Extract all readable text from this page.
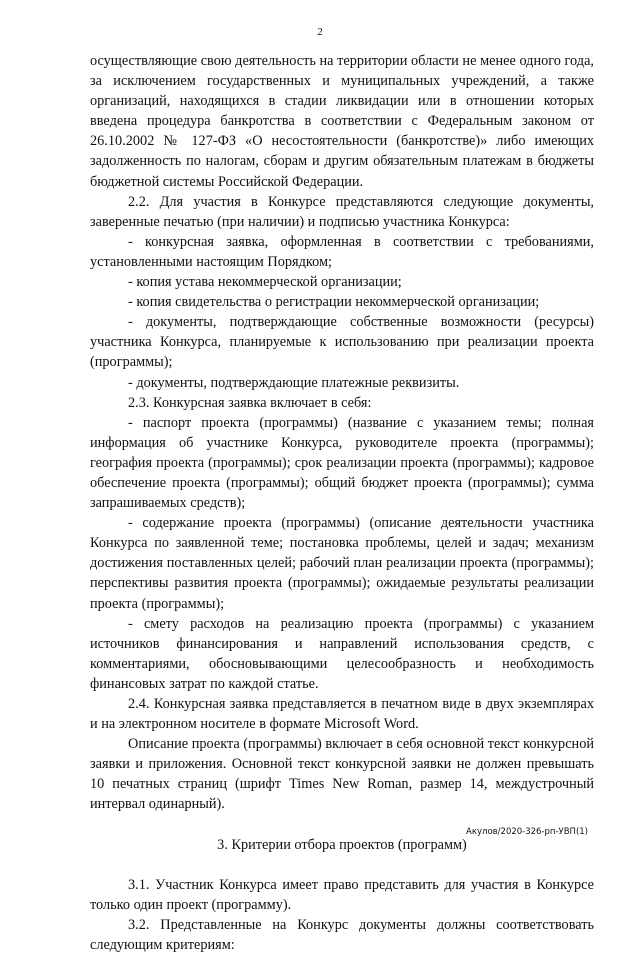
2

осуществляющие свою деятельность на территории области не менее одного года, за исключением государственных и муниципальных учреждений, а также организаций, находящихся в стадии ликвидации или в отношении которых введена процедура банкротства в соответствии с Федеральным законом от 26.10.2002 № 127-ФЗ «О несостоятельности (банкротстве)» либо имеющих задолженность по налогам, сборам и другим обязательным платежам в бюджеты бюджетной системы Российской Федерации.

2.2. Для участия в Конкурсе представляются следующие документы, заверенные печатью (при наличии) и подписью участника Конкурса:

- конкурсная заявка, оформленная в соответствии с требованиями, установленными настоящим Порядком;

- копия устава некоммерческой организации;

- копия свидетельства о регистрации некоммерческой организации;

- документы, подтверждающие собственные возможности (ресурсы) участника Конкурса, планируемые к использованию при реализации проекта (программы);

- документы, подтверждающие платежные реквизиты.

2.3. Конкурсная заявка включает в себя:

- паспорт проекта (программы) (название с указанием темы; полная информация об участнике Конкурса, руководителе проекта (программы); география проекта (программы); срок реализации проекта (программы); кадровое обеспечение проекта (программы); общий бюджет проекта (программы); сумма запрашиваемых средств);

- содержание проекта (программы) (описание деятельности участника Конкурса по заявленной теме; постановка проблемы, целей и задач; механизм достижения поставленных целей; рабочий план реализации проекта (программы); перспективы развития проекта (программы); ожидаемые результаты реализации проекта (программы);

- смету расходов на реализацию проекта (программы) с указанием источников финансирования и направлений использования средств, с комментариями, обосновывающими целесообразность и необходимость финансовых затрат по каждой статье.

2.4. Конкурсная заявка представляется в печатном виде в двух экземплярах и на электронном носителе в формате Microsoft Word.

Описание проекта (программы) включает в себя основной текст конкурсной заявки и приложения. Основной текст конкурсной заявки не должен превышать 10 печатных страниц (шрифт Times New Roman, размер 14, междустрочный интервал одинарный).

3. Критерии отбора проектов (программ)

3.1. Участник Конкурса имеет право представить для участия в Конкурсе только один проект (программу).

3.2. Представленные на Конкурс документы должны соответствовать следующим критериям:

Акулов/2020-326-рп-УВП(1)
